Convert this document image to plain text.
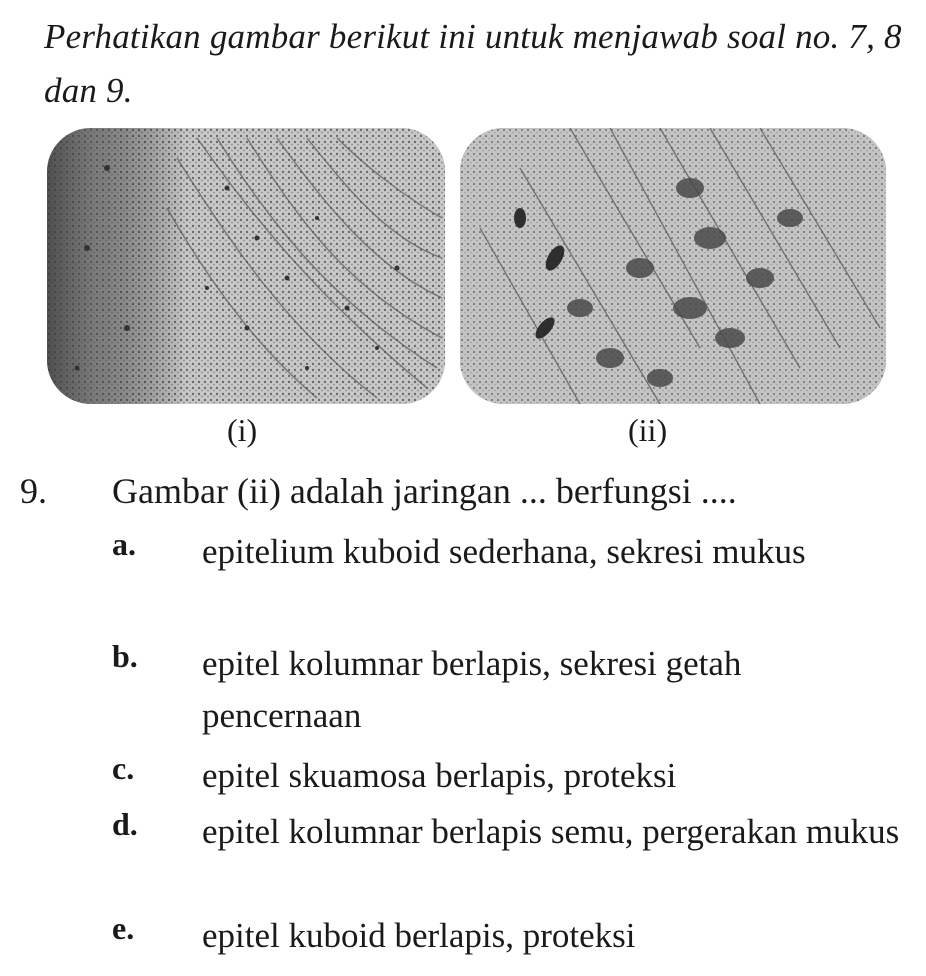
Perhatikan gambar berikut ini untuk menjawab soal no. 7, 8 dan 9.
(i)	(ii)
9. Gambar (ii) adalah jaringan ... berfungsi ....
a. epitelium kuboid sederhana, sekresi mukus
b. epitel kolumnar berlapis, sekresi getah pencernaan
c. epitel skuamosa berlapis, proteksi
d. epitel kolumnar berlapis semu, pergerakan mukus
e. epitel kuboid berlapis, proteksi
